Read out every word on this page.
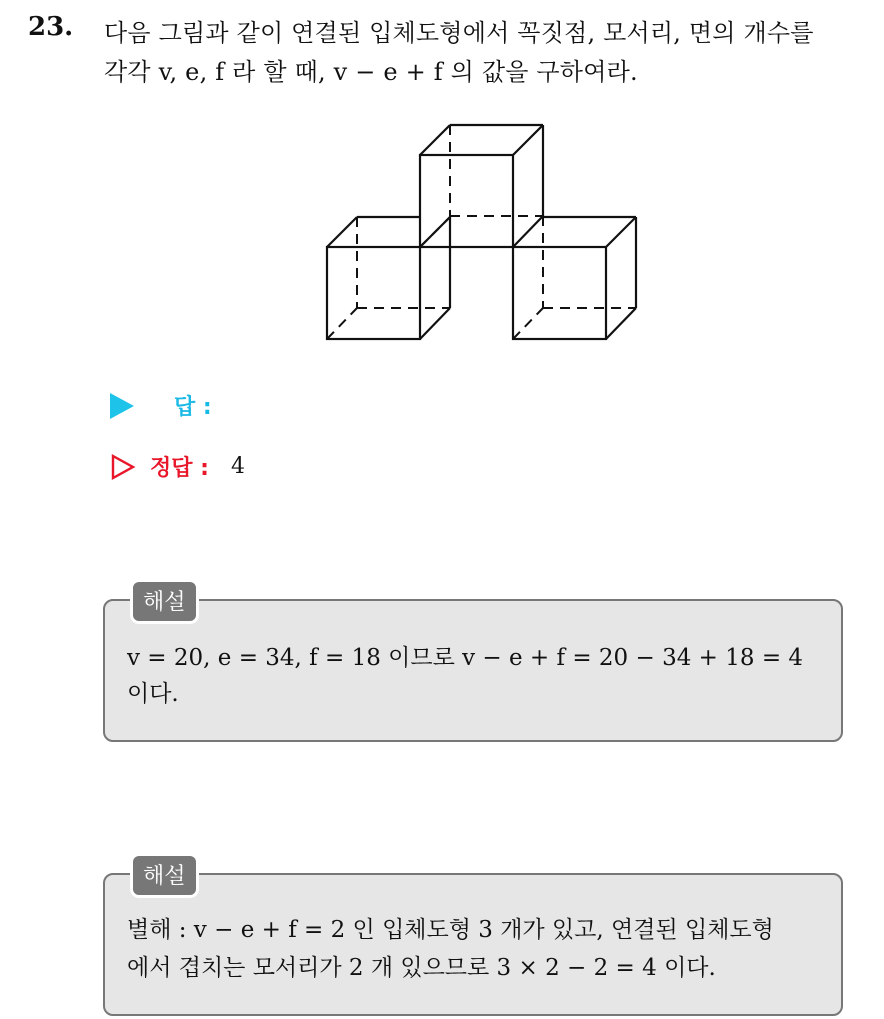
23. 다음 그림과 같이 연결된 입체도형에서 꼭짓점, 모서리, 면의 개수를
각각 v, e, f 라 할 때, v − e + f 의 값을 구하여라.
답 :
정답 : 4
해설
v = 20, e = 34, f = 18 이므로 v − e + f = 20 − 34 + 18 = 4
이다.
해설
별해 : v − e + f = 2 인 입체도형 3 개가 있고, 연결된 입체도형
에서 겹치는 모서리가 2 개 있으므로 3 × 2 − 2 = 4 이다.
